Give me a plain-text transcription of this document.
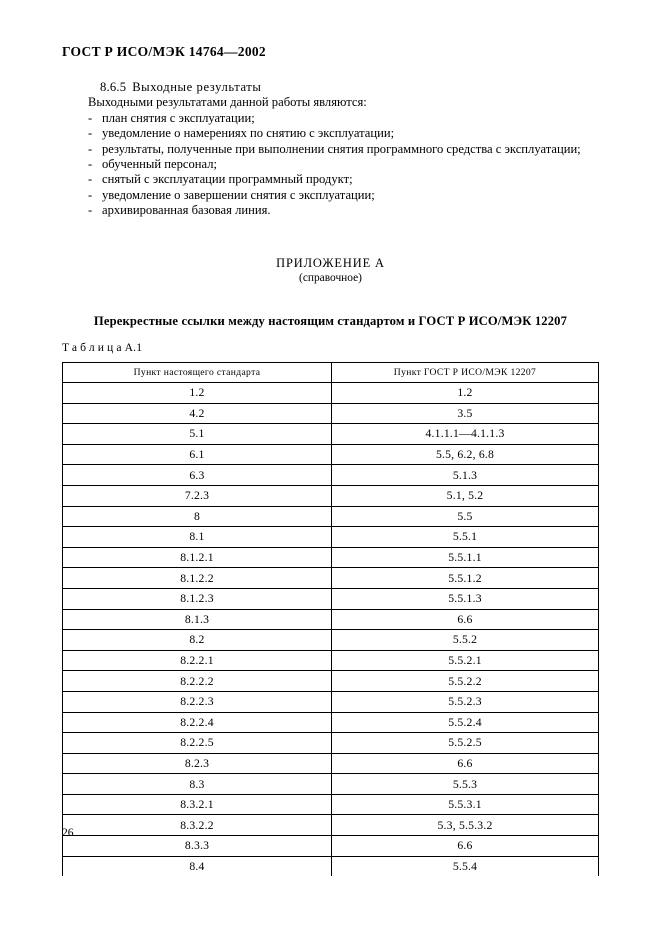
ГОСТ Р ИСО/МЭК 14764—2002
8.6.5 Выходные результаты
Выходными результатами данной работы являются:
- план снятия с эксплуатации;
- уведомление о намерениях по снятию с эксплуатации;
- результаты, полученные при выполнении снятия программного средства с эксплуатации;
- обученный персонал;
- снятый с эксплуатации программный продукт;
- уведомление о завершении снятия с эксплуатации;
- архивированная базовая линия.
ПРИЛОЖЕНИЕ А
(справочное)
Перекрестные ссылки между настоящим стандартом и ГОСТ Р ИСО/МЭК 12207
ТаблицаА.1
Пункт настоящего стандарта	Пункт ГОСТ Р ИСО/МЭК 12207
1.2	1.2
4.2	3.5
5.1	4.1.1.1—4.1.1.3
6.1	5.5, 6.2, 6.8
6.3	5.1.3
7.2.3	5.1, 5.2
8	5.5
8.1	5.5.1
8.1.2.1	5.5.1.1
8.1.2.2	5.5.1.2
8.1.2.3	5.5.1.3
8.1.3	6.6
8.2	5.5.2
8.2.2.1	5.5.2.1
8.2.2.2	5.5.2.2
8.2.2.3	5.5.2.3
8.2.2.4	5.5.2.4
8.2.2.5	5.5.2.5
8.2.3	6.6
8.3	5.5.3
8.3.2.1	5.5.3.1
8.3.2.2	5.3, 5.5.3.2
8.3.3	6.6
8.4	5.5.4
26
